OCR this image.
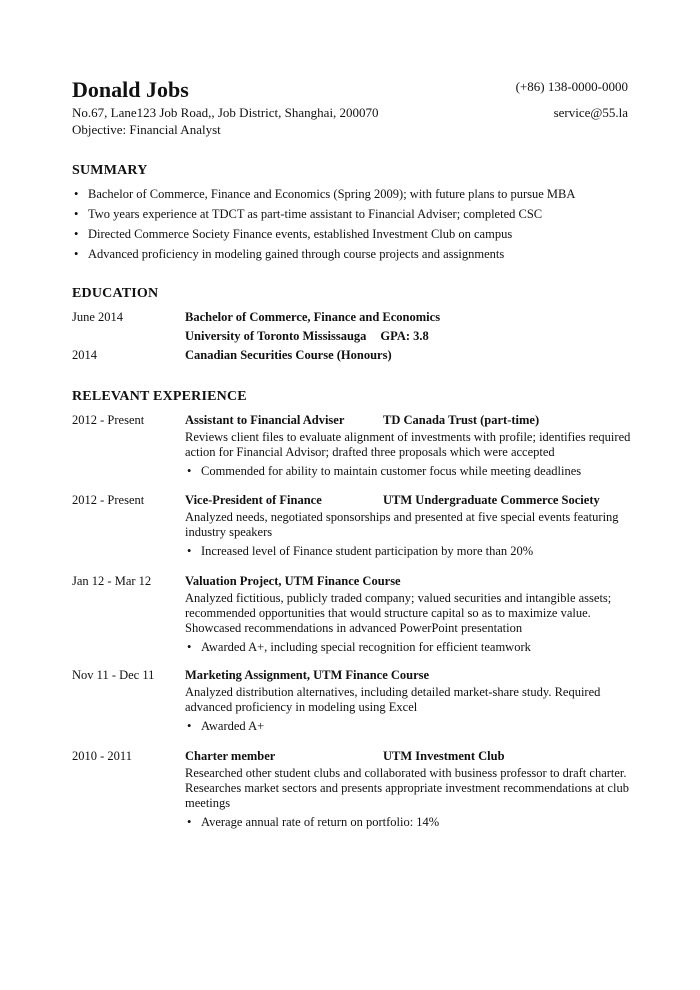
Donald Jobs
No.67, Lane123 Job Road,, Job District, Shanghai, 200070
Objective: Financial Analyst
(+86) 138-0000-0000
service@55.la
SUMMARY
• Bachelor of Commerce, Finance and Economics (Spring 2009); with future plans to pursue MBA
• Two years experience at TDCT as part-time assistant to Financial Adviser; completed CSC
• Directed Commerce Society Finance events, established Investment Club on campus
• Advanced proficiency in modeling gained through course projects and assignments
EDUCATION
June 2014	Bachelor of Commerce, Finance and Economics
University of Toronto Mississauga GPA: 3.8
2014	Canadian Securities Course (Honours)
RELEVANT EXPERIENCE
2012 - Present	Assistant to Financial Adviser	TD Canada Trust (part-time)

Reviews client files to evaluate alignment of investments with profile; identifies required
action for Financial Advisor; drafted three proposals which were accepted

• Commended for ability to maintain customer focus while meeting deadlines
2012 - Present	Vice-President of Finance	UTM Undergraduate Commerce Society

Analyzed needs, negotiated sponsorships and presented at five special events featuring
industry speakers

• Increased level of Finance student participation by more than 20%
Jan 12 - Mar 12	Valuation Project, UTM Finance Course

Analyzed fictitious, publicly traded company; valued securities and intangible assets;
recommended opportunities that would structure capital so as to maximize value.
Showcased recommendations in advanced PowerPoint presentation

• Awarded A+, including special recognition for efficient teamwork
Nov 11 - Dec 11 Marketing Assignment, UTM Finance Course

Analyzed distribution alternatives, including detailed market-share study. Required
advanced proficiency in modeling using Excel

• Awarded A+
2010 - 2011	Charter member	UTM Investment Club

Researched other student clubs and collaborated with business professor to draft charter.
Researches market sectors and presents appropriate investment recommendations at club
meetings

• Average annual rate of return on portfolio: 14%
